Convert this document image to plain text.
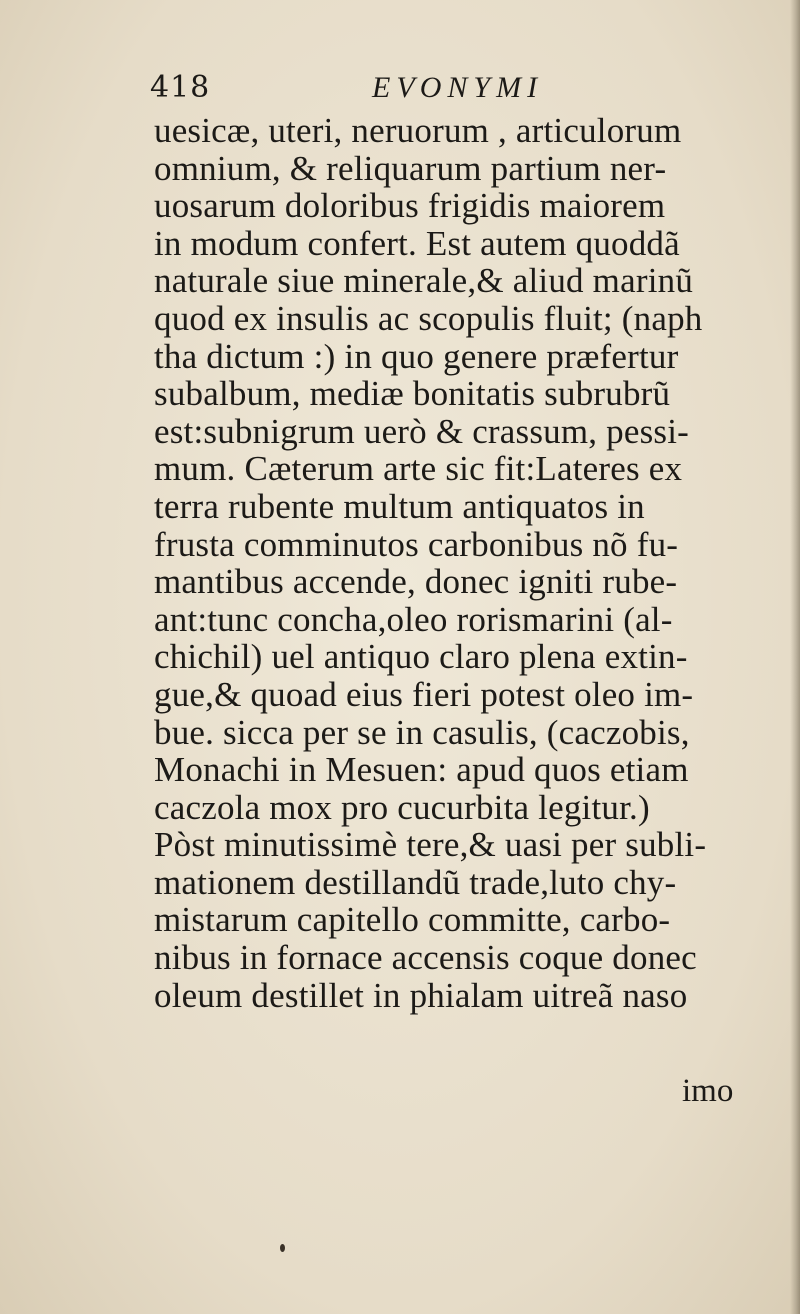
418	EVONYMI
uesicæ, uteri, neruorum , articulorum
omnium, & reliquarum partium ner-
uosarum doloribus frigidis maiorem
in modum confert. Est autem quoddã
naturale siue minerale,& aliud marinũ
quod ex insulis ac scopulis fluit; (naph
tha dictum :) in quo genere præfertur
subalbum, mediæ bonitatis subrubrũ
est:subnigrum uerò & crassum, pessi-
mum. Cæterum arte sic fit:Lateres ex
terra rubente multum antiquatos in
frusta comminutos carbonibus nõ fu-
mantibus accende, donec igniti rube-
ant:tunc concha,oleo rorismarini (al-
chichil) uel antiquo claro plena extin-
gue,& quoad eius fieri potest oleo im-
bue. sicca per se in casulis, (caczobis,
Monachi in Mesuen: apud quos etiam
caczola mox pro cucurbita legitur.)
Pòst minutissimè tere,& uasi per subli-
mationem destillandũ trade,luto chy-
mistarum capitello committe, carbo-
nibus in fornace accensis coque donec
oleum destillet in phialam uitreã naso
imo
